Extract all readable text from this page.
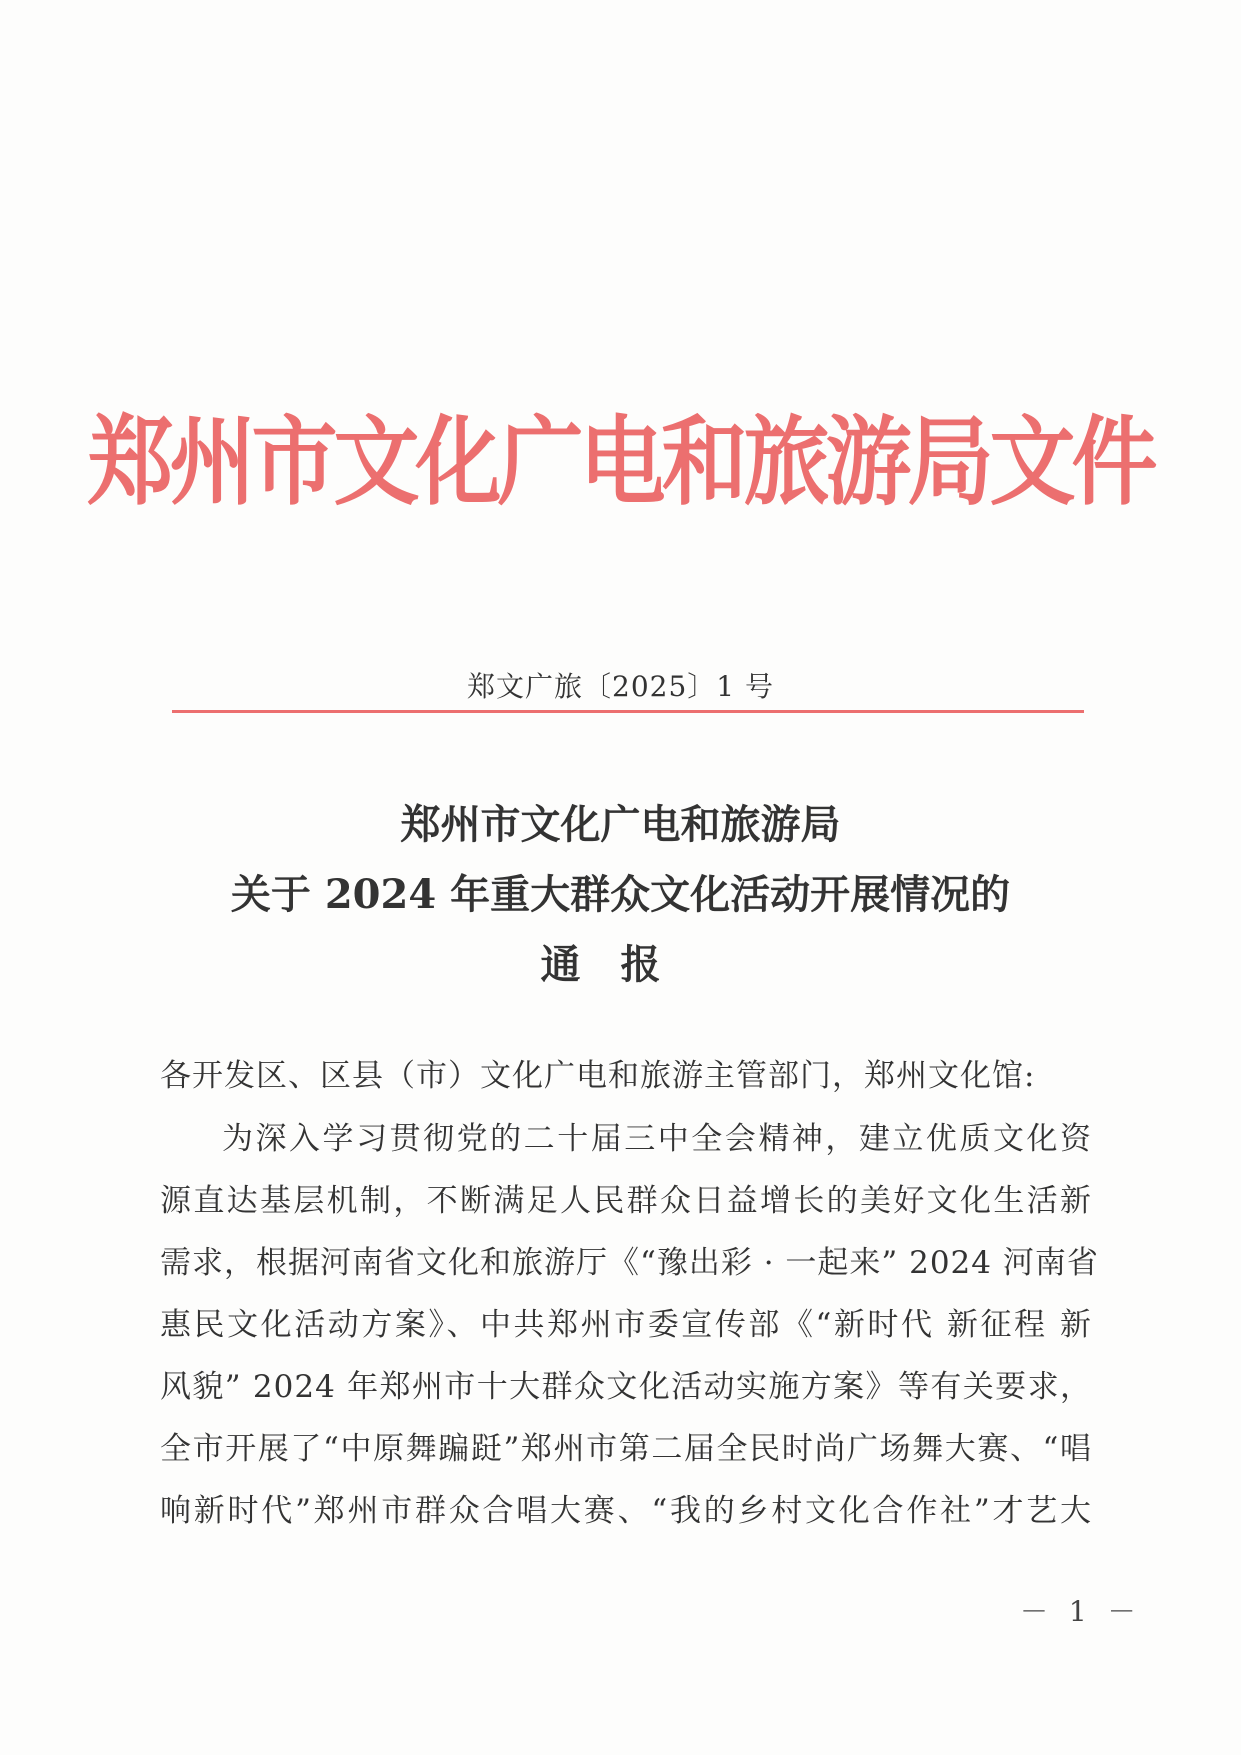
郑州市文化广电和旅游局文件
郑文广旅〔2025〕1 号
郑州市文化广电和旅游局
关于 2024 年重大群众文化活动开展情况的
通报
各开发区、区县（市）文化广电和旅游主管部门，郑州文化馆:
为深入学习贯彻党的二十届三中全会精神，建立优质文化资
源直达基层机制，不断满足人民群众日益增长的美好文化生活新
需求，根据河南省文化和旅游厅《“豫出彩 · 一起来” 2024 河南省
惠民文化活动方案》、中共郑州市委宣传部《“新时代 新征程 新
风貌” 2024 年郑州市十大群众文化活动实施方案》等有关要求，
全市开展了“中原舞蹁跹”郑州市第二届全民时尚广场舞大赛、“唱
响新时代”郑州市群众合唱大赛、“我的乡村文化合作社”才艺大
－ 1 －
